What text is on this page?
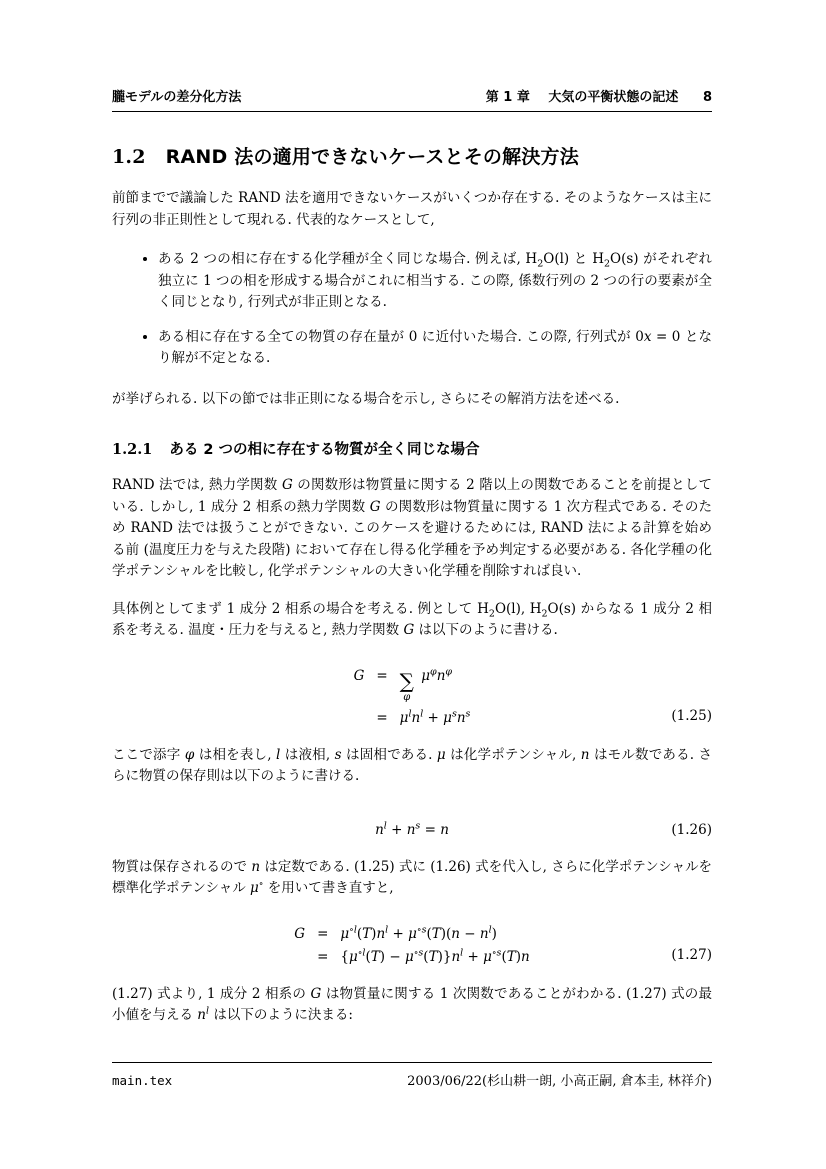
朧モデルの差分化方法	第 1 章 大気の平衡状態の記述 8
1.2 RAND 法の適用できないケースとその解決方法

前節までで議論した RAND 法を適用できないケースがいくつか存在する. そのようなケースは主に行列の非正則性として現れる. 代表的なケースとして,

• ある 2 つの相に存在する化学種が全く同じな場合. 例えば, $H_2O(l)$ と $H_2O(s)$ がそれぞれ独立に 1 つの相を形成する場合がこれに相当する. この際, 係数行列の 2 つの行の要素が全く同じとなり, 行列式が非正則となる.
• ある相に存在する全ての物質の存在量が 0 に近付いた場合. この際, 行列式が 0x = 0 となり解が不定となる.

が挙げられる. 以下の節では非正則になる場合を示し, さらにその解消方法を述べる.

1.2.1 ある 2 つの相に存在する物質が全く同じな場合

RAND 法では, 熱力学関数 G の関数形は物質量に関する 2 階以上の関数であることを前提としている. しかし, 1 成分 2 相系の熱力学関数 G の関数形は物質量に関する 1 次方程式である. そのため RAND 法では扱うことができない. このケースを避けるためには, RAND 法による計算を始める前 (温度圧力を与えた段階) において存在し得る化学種を予め判定する必要がある. 各化学種の化学ポテンシャルを比較し, 化学ポテンシャルの大きい化学種を削除すれば良い.

具体例としてまず 1 成分 2 相系の場合を考える. 例として $H_2O(l)$, $H_2O(s)$ からなる 1 成分 2 相系を考える. 温度・圧力を与えると, 熱力学関数 G は以下のように書ける.

G = ∑
φ
$\mu^\varphi n^\varphi$
= $\mu^ln^l + \mu^sn^s$	(1.25)

ここで添字 φ は相を表し, l は液相, s は固相である. μ は化学ポテンシャル, n はモル数である. さらに物質の保存則は以下のように書ける.

$n^l + n^s = n$	(1.26)

物質は保存されるので n は定数である. (1.25) 式に (1.26) 式を代入し, さらに化学ポテンシャルを標準化学ポテンシャル μ∘ を用いて書き直すと,

$G = \mu^{\circ l}(T)n^l + \mu^{\circ s}(T)(n - n^l)$
= $\{\mu^{\circ l}(T) - \mu^{\circ s}(T)\}n^l + \mu^{\circ s}(T)n$	(1.27)

(1.27) 式より, 1 成分 2 相系の G は物質量に関する 1 次関数であることがわかる. (1.27) 式の最小値を与える $n^l$ は以下のように決まる:

main.tex	2003/06/22(杉山耕一朗, 小高正嗣, 倉本圭, 林祥介)
